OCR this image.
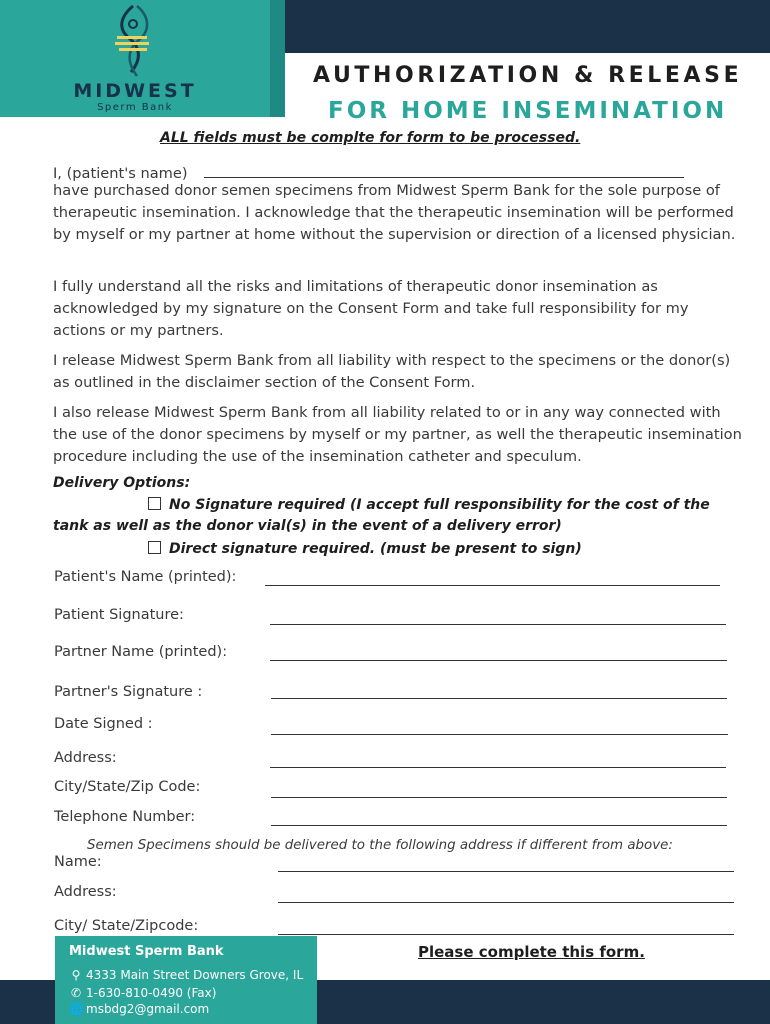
MIDWEST
Sperm Bank
AUTHORIZATION & RELEASE
FOR HOME INSEMINATION
ALL fields must be complte for form to be processed.
I, (patient's name)
have purchased donor semen specimens from Midwest Sperm Bank for the sole purpose of therapeutic insemination. I acknowledge that the therapeutic insemination will be performed by myself or my partner at home without the supervision or direction of a licensed physician.
I fully understand all the risks and limitations of therapeutic donor insemination as acknowledged by my signature on the Consent Form and take full responsibility for my actions or my partners.
I release Midwest Sperm Bank from all liability with respect to the specimens or the donor(s) as outlined in the disclaimer section of the Consent Form.
I also release Midwest Sperm Bank from all liability related to or in any way connected with the use of the donor specimens by myself or my partner, as well the therapeutic insemination procedure including the use of the insemination catheter and speculum.
Delivery Options:
No Signature required (I accept full responsibility for the cost of the
tank as well as the donor vial(s) in the event of a delivery error)
Direct signature required. (must be present to sign)
Patient's Name (printed):
Patient Signature:
Partner Name (printed):
Partner's Signature :
Date Signed :
Address:
City/State/Zip Code:
Telephone Number:
Semen Specimens should be delivered to the following address if different from above:
Name:
Address:
City/ State/Zipcode:
Midwest Sperm Bank
⚲ 4333 Main Street Downers Grove, IL
✆ 1-630-810-0490 (Fax)
🌐 msbdg2@gmail.com
Please complete this form.
